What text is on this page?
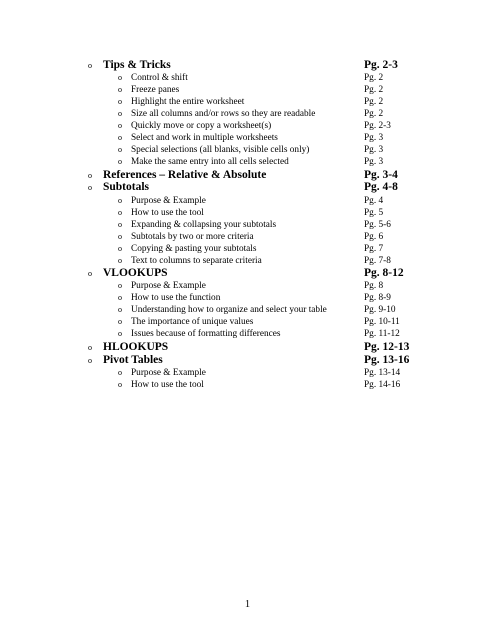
o Tips & Tricks	Pg. 2-3
o Control & shift	Pg. 2
o Freeze panes	Pg. 2
o Highlight the entire worksheet	Pg. 2
o Size all columns and/or rows so they are readable	Pg. 2
o Quickly move or copy a worksheet(s)	Pg. 2-3
o Select and work in multiple worksheets	Pg. 3
o Special selections (all blanks, visible cells only)	Pg. 3
o Make the same entry into all cells selected	Pg. 3
o References – Relative & Absolute	Pg. 3-4
o Subtotals	Pg. 4-8
o Purpose & Example	Pg. 4
o How to use the tool	Pg. 5
o Expanding & collapsing your subtotals	Pg. 5-6
o Subtotals by two or more criteria	Pg. 6
o Copying & pasting your subtotals	Pg. 7
o Text to columns to separate criteria	Pg. 7-8
o VLOOKUPS	Pg. 8-12
o Purpose & Example	Pg. 8
o How to use the function	Pg. 8-9
o Understanding how to organize and select your table	Pg. 9-10
o The importance of unique values	Pg. 10-11
o Issues because of formatting differences	Pg. 11-12
o HLOOKUPS	Pg. 12-13
o Pivot Tables	Pg. 13-16
o Purpose & Example	Pg. 13-14
o How to use the tool	Pg. 14-16
1
